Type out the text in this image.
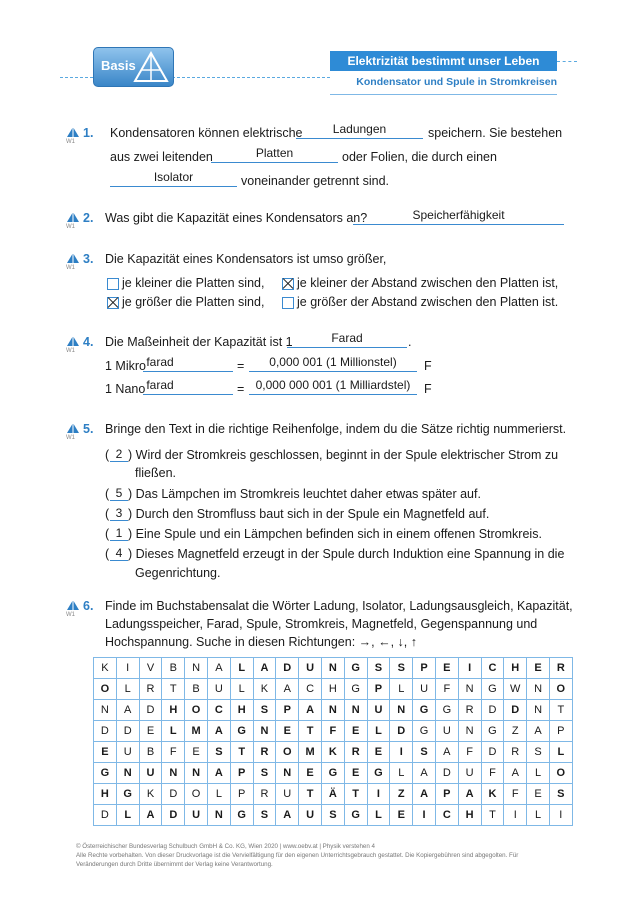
Basis	Elektrizität bestimmt unser Leben
Kondensator und Spule in Stromkreisen
W1
1. Kondensatoren können elektrische	Ladungen	speichern. Sie bestehen
aus zwei leitenden	Platten	oder Folien, die durch einen
Isolator	voneinander getrennt sind.
W1
2. Was gibt die Kapazität eines Kondensators an?	Speicherfähigkeit
W1
3. Die Kapazität eines Kondensators ist umso größer,
je kleiner die Platten sind,	je kleiner der Abstand zwischen den Platten ist,
je größer die Platten sind,	je größer der Abstand zwischen den Platten ist.
W1
4. Die Maßeinheit der Kapazität ist 1	Farad	.
1 Mikro farad	=	0,000 001 (1 Millionstel)	F
1 Nano farad	= 0,000 000 001 (1 Milliardstel)	F
W1
5. Bringe den Text in die richtige Reihenfolge, indem du die Sätze richtig nummerierst.
( 2 ) Wird der Stromkreis geschlossen, beginnt in der Spule elektrischer Strom zu
fließen.
( 5 ) Das Lämpchen im Stromkreis leuchtet daher etwas später auf.
( 3 ) Durch den Stromfluss baut sich in der Spule ein Magnetfeld auf.
( 1 ) Eine Spule und ein Lämpchen befinden sich in einem offenen Stromkreis.
( 4 ) Dieses Magnetfeld erzeugt in der Spule durch Induktion eine Spannung in die
Gegenrichtung.
W1
6. Finde im Buchstabensalat die Wörter Ladung, Isolator, Ladungsausgleich, Kapazität,
Ladungsspeicher, Farad, Spule, Stromkreis, Magnetfeld, Gegenspannung und
Hochspannung. Suche in diesen Richtungen: →, ←, ↓, ↑
K	I	V	B	N	A	L	A	D	U	N	G	S	S	P	E	I	C	H	E	R
O	L	R	T	B	U	L	K	A	C	H	G	P	L	U	F	N	G	W	N	O
N	A	D	H	O	C	H	S	P	A	N	N	U	N	G	G	R	D	D	N	T
D	D	E	L	M	A	G	N	E	T	F	E	L	D	G	U	N	G	Z	A	P
E	U	B	F	E	S	T	R	O	M	K	R	E	I	S	A	F	D	R	S	L
G	N	U	N	N	A	P	S	N	E	G	E	G	L	A	D	U	F	A	L	O
H	G	K	D	O	L	P	R	U	T	Ä	T	I	Z	A	P	A	K	F	E	S
D	L	A	D	U	N	G	S	A	U	S	G	L	E	I	C	H	T	I	L	I
© Österreichischer Bundesverlag Schulbuch GmbH & Co. KG, Wien 2020 | www.oebv.at | Physik verstehen 4
Alle Rechte vorbehalten. Von dieser Druckvorlage ist die Vervielfältigung für den eigenen Unterrichtsgebrauch gestattet. Die Kopiergebühren sind abgegolten. Für
Veränderungen durch Dritte übernimmt der Verlag keine Verantwortung.
